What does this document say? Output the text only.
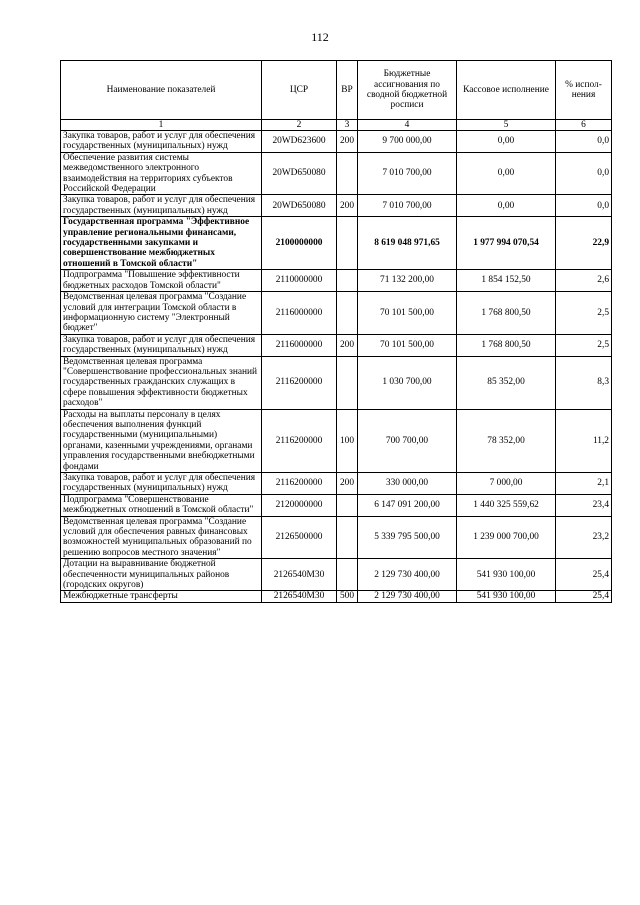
112
Наименование показателей	ЦСР	ВР	Бюджетные ассигнования по сводной бюджетной росписи	Кассовое исполнение	% испол-нения
1	2	3	4	5	6
Закупка товаров, работ и услуг для обеспечения государственных (муниципальных) нужд	20WD623600	200	9 700 000,00	0,00	0,0
Обеспечение развития системы межведомственного электронного взаимодействия на территориях субъектов Российской Федерации	20WD650080		7 010 700,00	0,00	0,0
Закупка товаров, работ и услуг для обеспечения государственных (муниципальных) нужд	20WD650080	200	7 010 700,00	0,00	0,0
Государственная программа "Эффективное управление региональными финансами, государственными закупками и совершенствование межбюджетных отношений в Томской области"	2100000000		8 619 048 971,65	1 977 994 070,54	22,9
Подпрограмма "Повышение эффективности бюджетных расходов Томской области"	2110000000		71 132 200,00	1 854 152,50	2,6
Ведомственная целевая программа "Создание условий для интеграции Томской области в информационную систему "Электронный бюджет"	2116000000		70 101 500,00	1 768 800,50	2,5
Закупка товаров, работ и услуг для обеспечения государственных (муниципальных) нужд	2116000000	200	70 101 500,00	1 768 800,50	2,5
Ведомственная целевая программа "Совершенствование профессиональных знаний государственных гражданских служащих в сфере повышения эффективности бюджетных расходов"	2116200000		1 030 700,00	85 352,00	8,3
Расходы на выплаты персоналу в целях обеспечения выполнения функций государственными (муниципальными) органами, казенными учреждениями, органами управления государственными внебюджетными фондами	2116200000	100	700 700,00	78 352,00	11,2
Закупка товаров, работ и услуг для обеспечения государственных (муниципальных) нужд	2116200000	200	330 000,00	7 000,00	2,1
Подпрограмма "Совершенствование межбюджетных отношений в Томской области"	2120000000		6 147 091 200,00	1 440 325 559,62	23,4
Ведомственная целевая программа "Создание условий для обеспечения равных финансовых возможностей муниципальных образований по решению вопросов местного значения"	2126500000		5 339 795 500,00	1 239 000 700,00	23,2
Дотации на выравнивание бюджетной обеспеченности муниципальных районов (городских округов)	2126540M30		2 129 730 400,00	541 930 100,00	25,4
Межбюджетные трансферты	2126540M30	500	2 129 730 400,00	541 930 100,00	25,4
